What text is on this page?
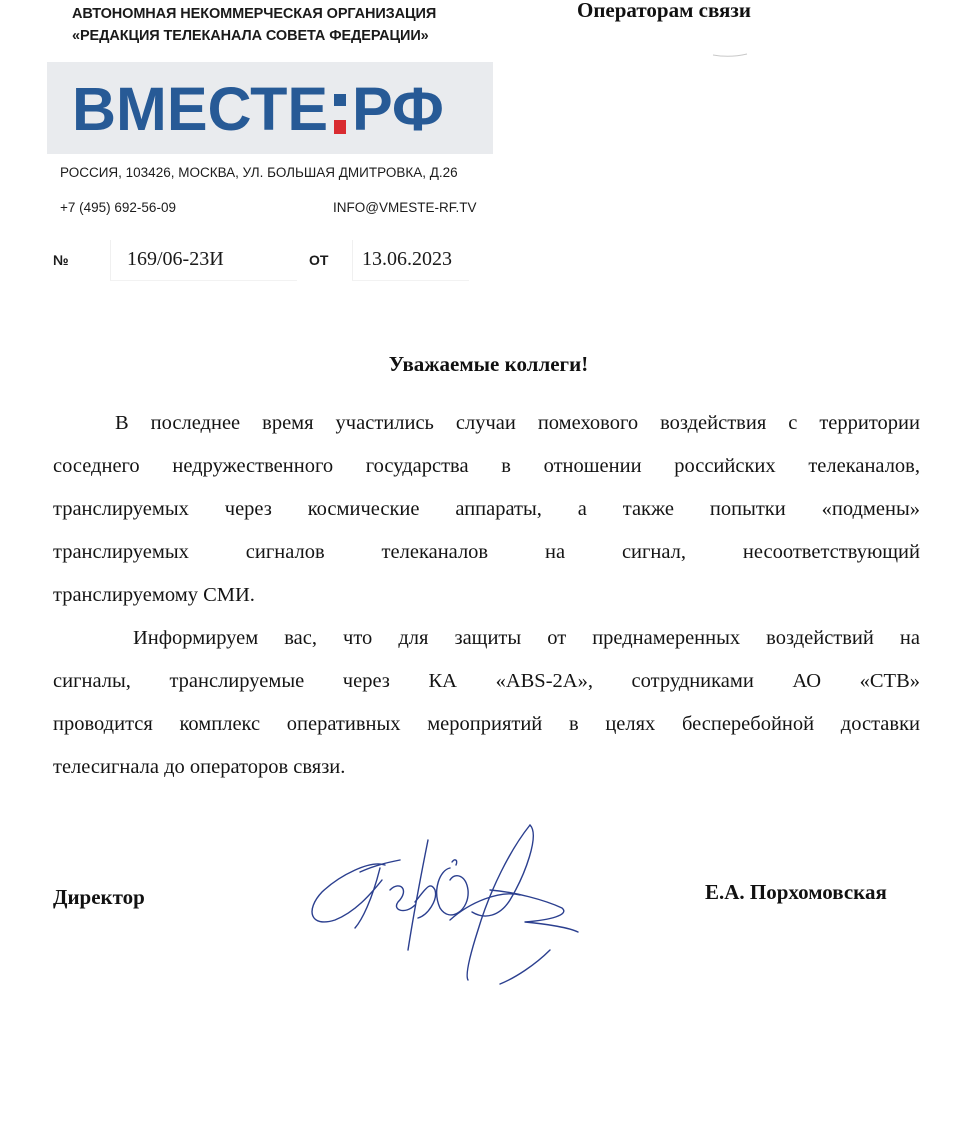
АВТОНОМНАЯ НЕКОММЕРЧЕСКАЯ ОРГАНИЗАЦИЯ
«РЕДАКЦИЯ ТЕЛЕКАНАЛА СОВЕТА ФЕДЕРАЦИИ»
Операторам связи
ВМЕСТЕ РФ
РОССИЯ, 103426, МОСКВА, УЛ. БОЛЬШАЯ ДМИТРОВКА, Д.26
+7 (495) 692-56-09	INFO@VMESTE-RF.TV
№	169/06-23И	ОТ 13.06.2023
Уважаемые коллеги!
В последнее время участились случаи помехового воздействия с территории
соседнего недружественного государства в отношении российских телеканалов,
транслируемых через космические аппараты, а также попытки «подмены»
транслируемых сигналов телеканалов на сигнал, несоответствующий
транслируемому СМИ.
Информируем вас, что для защиты от преднамеренных воздействий на
сигналы, транслируемые через КА «ABS-2A», сотрудниками АО «СТВ»
проводится комплекс оперативных мероприятий в целях бесперебойной доставки
телесигнала до операторов связи.
Директор	Е.А. Порхомовская
